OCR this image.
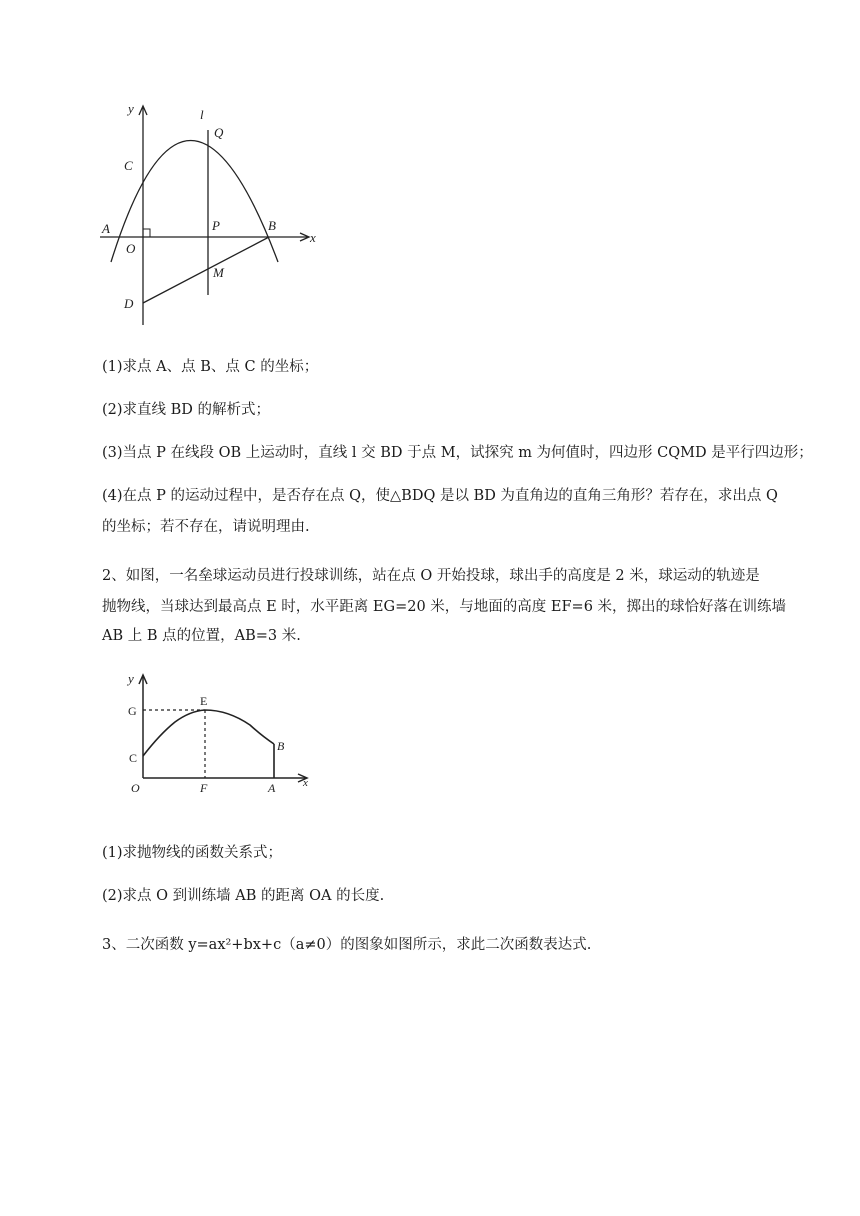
y	l
Q
C
A	P	B
x
O
M
D
(1)求点 A、点 B、点 C 的坐标；
(2)求直线 BD 的解析式；
(3)当点 P 在线段 OB 上运动时，直线 l 交 BD 于点 M，试探究 m 为何值时，四边形 CQMD 是平行四边形；
(4)在点 P 的运动过程中，是否存在点 Q，使△BDQ 是以 BD 为直角边的直角三角形？若存在，求出点 Q
的坐标；若不存在，请说明理由.
2、如图，一名垒球运动员进行投球训练，站在点 O 开始投球，球出手的高度是 2 米，球运动的轨迹是
抛物线，当球达到最高点 E 时，水平距离 EG=20 米，与地面的高度 EF=6 米，掷出的球恰好落在训练墙
AB 上 B 点的位置，AB=3 米.
y
G
E
C
B
O	F	A	x
(1)求抛物线的函数关系式；
(2)求点 O 到训练墙 AB 的距离 OA 的长度.
3、二次函数 y=ax²+bx+c（a≠0）的图象如图所示，求此二次函数表达式.
